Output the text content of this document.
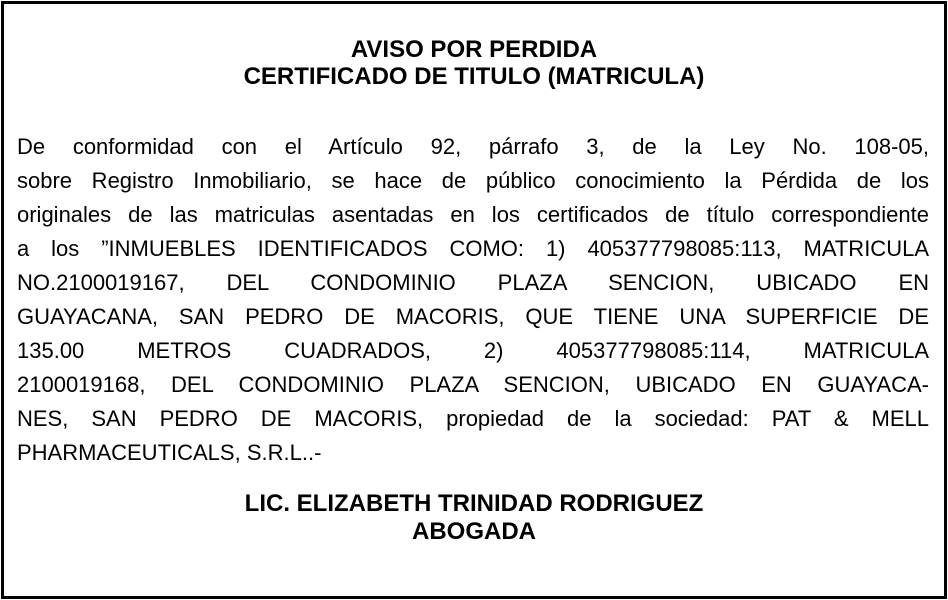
AVISO POR PERDIDA
CERTIFICADO DE TITULO (MATRICULA)
De conformidad con el Artículo 92, párrafo 3, de la Ley No. 108-05,
sobre Registro Inmobiliario, se hace de público conocimiento la Pérdida de los
originales de las matriculas asentadas en los certificados de título correspondiente
a los ”INMUEBLES IDENTIFICADOS COMO: 1) 405377798085:113, MATRICULA
NO.2100019167, DEL CONDOMINIO PLAZA SENCION, UBICADO EN
GUAYACANA, SAN PEDRO DE MACORIS, QUE TIENE UNA SUPERFICIE DE
135.00 METROS CUADRADOS, 2) 405377798085:114, MATRICULA
2100019168, DEL CONDOMINIO PLAZA SENCION, UBICADO EN GUAYACA-
NES, SAN PEDRO DE MACORIS, propiedad de la sociedad: PAT & MELL
PHARMACEUTICALS, S.R.L..-
LIC. ELIZABETH TRINIDAD RODRIGUEZ
ABOGADA
